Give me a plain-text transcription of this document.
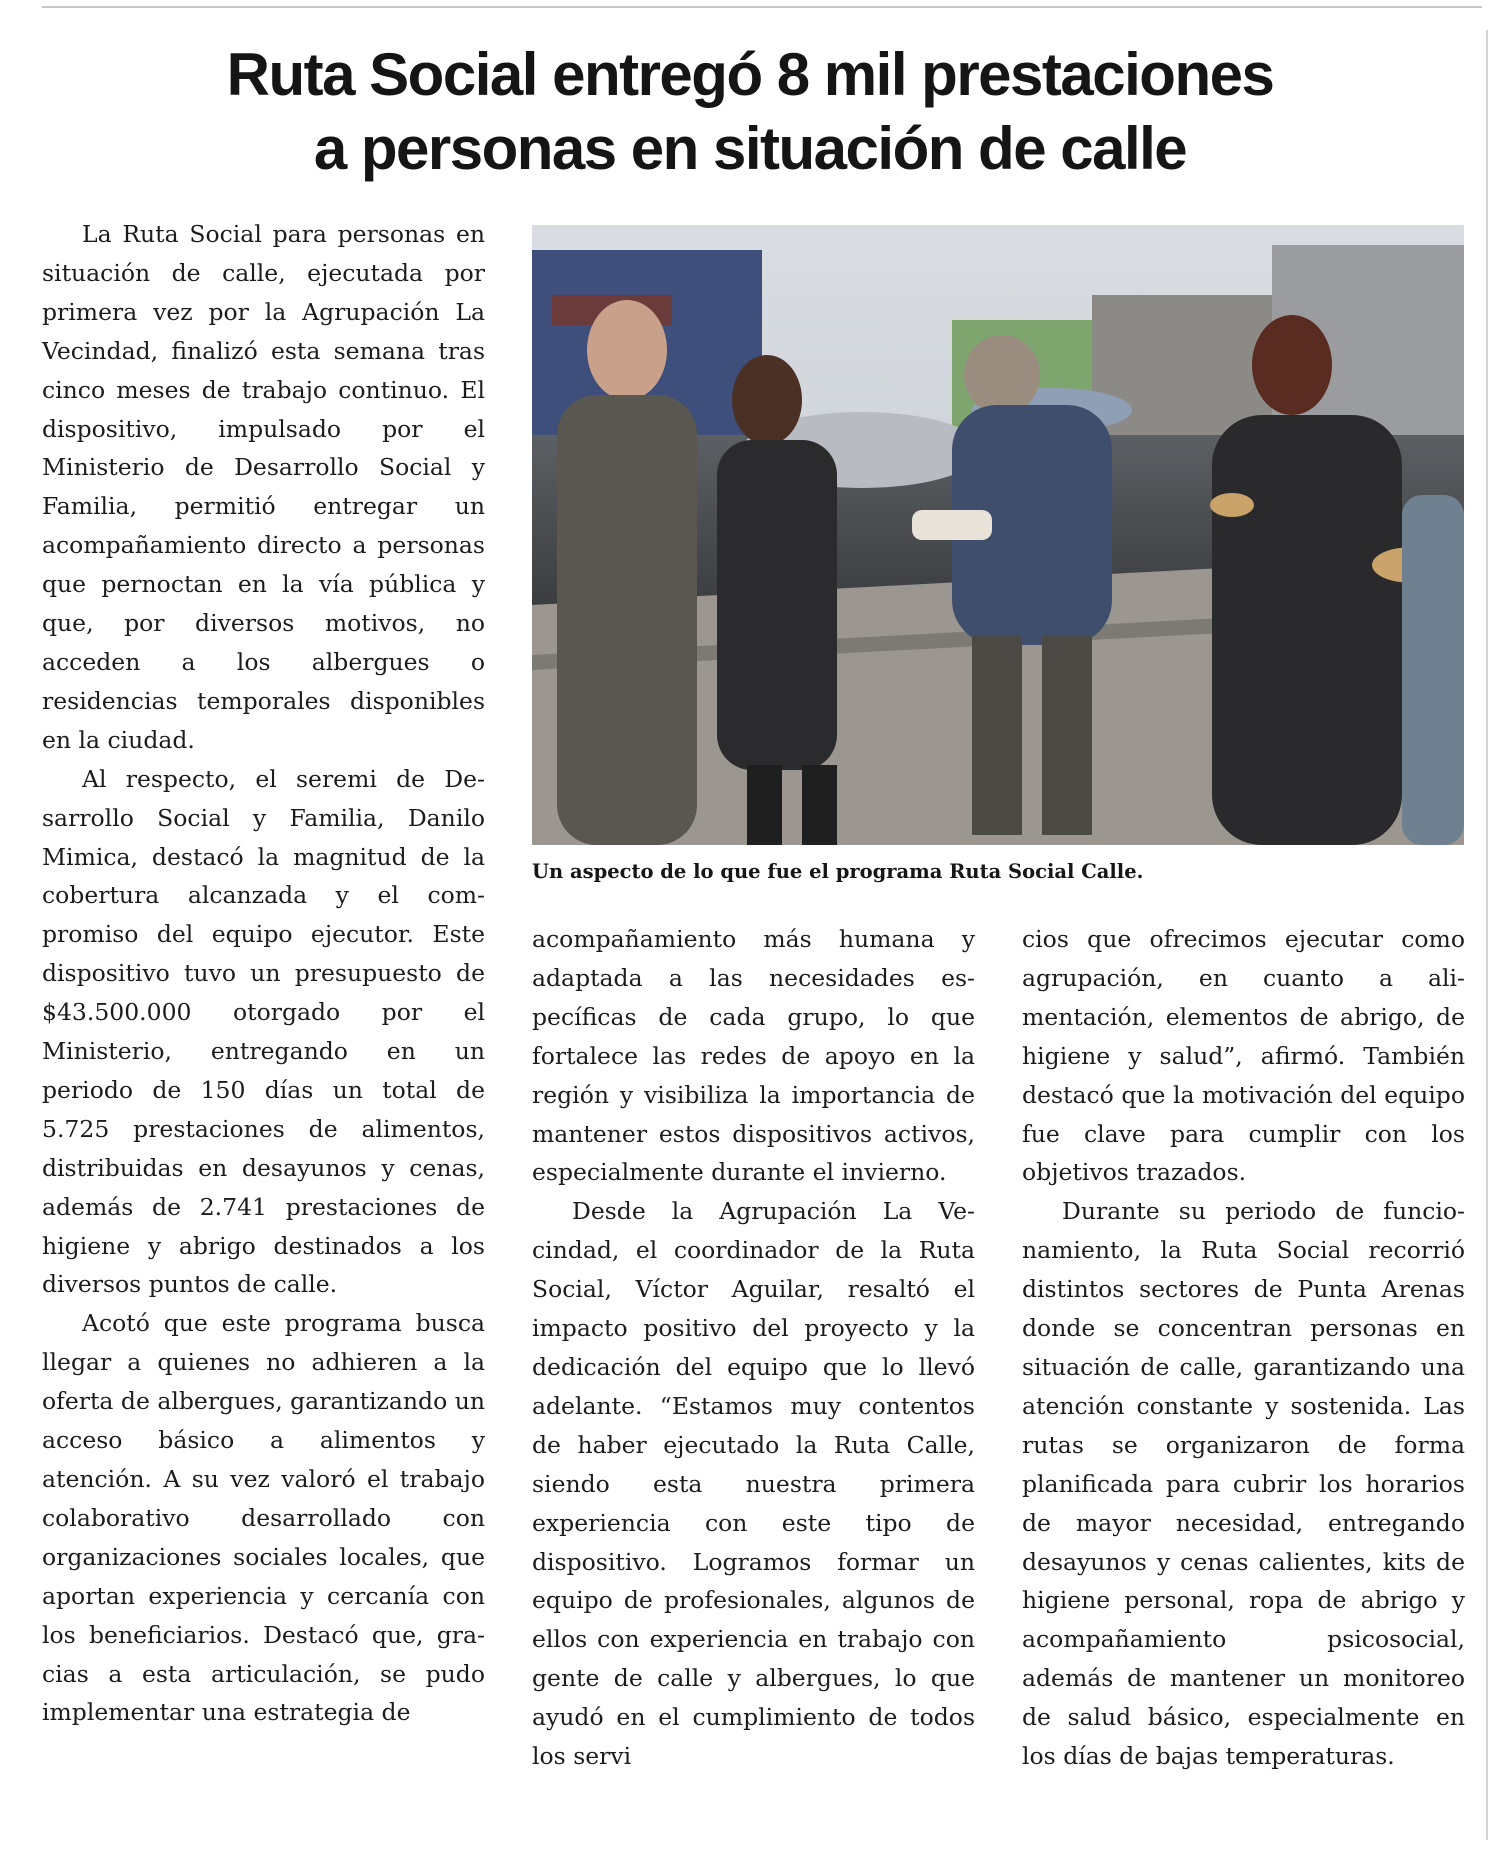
Ruta Social entregó 8 mil prestaciones
a personas en situación de calle

La Ruta Social para personas en situación de calle, ejecutada por primera vez por la Agrupación La Vecindad, finalizó esta semana tras cinco meses de trabajo continuo. El dispositivo, impulsado por el Ministerio de Desarrollo Social y Familia, permitió entregar un acompañamiento directo a personas que pernoctan en la vía pública y que, por diversos motivos, no acceden a los albergues o residencias temporales disponibles en la ciudad.

Al respecto, el seremi de Desarrollo Social y Familia, Danilo Mimica, destacó la magnitud de la cobertura alcanzada y el compromiso del equipo ejecutor. Este dispositivo tuvo un presupuesto de $43.500.000 otorgado por el Ministerio, entregando en un periodo de 150 días un total de 5.725 prestaciones de alimentos, distribuidas en desayunos y cenas, además de 2.741 prestaciones de higiene y abrigo destinados a los diversos puntos de calle.

Acotó que este programa busca llegar a quienes no adhieren a la oferta de albergues, garantizando un acceso básico a alimentos y atención. A su vez valoró el trabajo colaborativo desarrollado con organizaciones sociales locales, que aportan experiencia y cercanía con los beneficiarios. Destacó que, gracias a esta articulación, se pudo implementar una estrategia de

Un aspecto de lo que fue el programa Ruta Social Calle.

acompañamiento más humana y adaptada a las necesidades específicas de cada grupo, lo que fortalece las redes de apoyo en la región y visibiliza la importancia de mantener estos dispositivos activos, especialmente durante el invierno.

Desde la Agrupación La Vecindad, el coordinador de la Ruta Social, Víctor Aguilar, resaltó el impacto positivo del proyecto y la dedicación del equipo que lo llevó adelante. “Estamos muy contentos de haber ejecutado la Ruta Calle, siendo esta nuestra primera experiencia con este tipo de dispositivo. Logramos formar un equipo de profesionales, algunos de ellos con experiencia en trabajo con gente de calle y albergues, lo que ayudó en el cumplimiento de todos los servi

cios que ofrecimos ejecutar como agrupación, en cuanto a alimentación, elementos de abrigo, de higiene y salud”, afirmó. También destacó que la motivación del equipo fue clave para cumplir con los objetivos trazados.

Durante su periodo de funcionamiento, la Ruta Social recorrió distintos sectores de Punta Arenas donde se concentran personas en situación de calle, garantizando una atención constante y sostenida. Las rutas se organizaron de forma planificada para cubrir los horarios de mayor necesidad, entregando desayunos y cenas calientes, kits de higiene personal, ropa de abrigo y acompañamiento psicosocial, además de mantener un monitoreo de salud básico, especialmente en los días de bajas temperaturas.
